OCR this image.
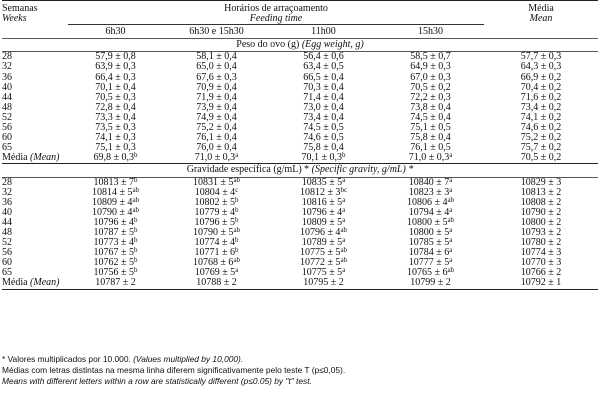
Semanas	Horários de arraçoamento				Média
Weeks	Feeding time				Mean
	6h30	6h30 e 15h30	11h00	15h30	
Peso do ovo (g) (Egg weight, g)					
28	57,9 ± 0,8	58,1 ± 0,4	56,4 ± 0,6	58,5 ± 0,7	57,7 ± 0,3
32	63,9 ± 0,3	65,0 ± 0,4	63,4 ± 0,5	64,9 ± 0,3	64,3 ± 0,3
36	66,4 ± 0,3	67,6 ± 0,3	66,5 ± 0,4	67,0 ± 0,3	66,9 ± 0,2
40	70,1 ± 0,4	70,9 ± 0,4	70,3 ± 0,4	70,5 ± 0,2	70,4 ± 0,2
44	70,5 ± 0,3	71,9 ± 0,4	71,4 ± 0,4	72,2 ± 0,3	71,6 ± 0,2
48	72,8 ± 0,4	73,9 ± 0,4	73,0 ± 0,4	73,8 ± 0,4	73,4 ± 0,2
52	73,3 ± 0,4	74,9 ± 0,4	73,4 ± 0,4	74,5 ± 0,4	74,1 ± 0,2
56	73,5 ± 0,3	75,2 ± 0,4	74,5 ± 0,5	75,1 ± 0,5	74,6 ± 0,2
60	74,1 ± 0,3	76,1 ± 0,4	74,6 ± 0,5	75,8 ± 0,4	75,2 ± 0,2
65	75,1 ± 0,3	76,0 ± 0,4	75,8 ± 0,4	76,1 ± 0,5	75,7 ± 0,2
Média (Mean)	69,8 ± 0,3$^b$	71,0 ± 0,3$^a$	70,1 ± 0,3$^b$	71,0 ± 0,3$^a$	70,5 ± 0,2
Gravidade específica (g/mL) * (Specific gravity, g/mL) *					
28	$10813 \pm 7^b$	$10831 \pm 5^{ab}$	$10835 \pm 5^a$	$10840 \pm 7^a$	10829 ± 3
32	$10814 \pm 5^{ab}$	$10804 \pm 4^c$	$10812 \pm 3^{bc}$	$10823 \pm 3^a$	10813 ± 2
36	$10809 \pm 4^{ab}$	$10802 \pm 5^b$	$10816 \pm 5^a$	$10806 \pm 4^{ab}$	10808 ± 2
40	$10790 \pm 4^{ab}$	$10779 \pm 4^b$	$10796 \pm 4^a$	$10794 \pm 4^a$	10790 ± 2
44	$10796 \pm 4^b$	$10796 \pm 5^b$	$10809 \pm 5^a$	$10800 \pm 5^{ab}$	10800 ± 2
48	$10787 \pm 5^b$	$10790 \pm 5^{ab}$	$10796 \pm 4^{ab}$	$10800 \pm 5^a$	10793 ± 2
52	$10773 \pm 4^b$	$10774 \pm 4^b$	$10789 \pm 5^a$	$10785 \pm 5^a$	10780 ± 2
56	$10767 \pm 5^b$	$10771 \pm 6^b$	$10775 \pm 5^{ab}$	$10784 \pm 6^a$	10774 ± 3
60	$10762 \pm 5^b$	$10768 \pm 6^{ab}$	$10772 \pm 5^{ab}$	$10777 \pm 5^a$	10770 ± 3
65	$10756 \pm 5^b$	$10769 \pm 5^a$	$10775 \pm 5^a$	$10765 \pm 6^{ab}$	10766 ± 2
Média (Mean)	10787 ± 2	10788 ± 2	10795 ± 2	10799 ± 2	10792 ± 1
* Valores multiplicados por 10.000. (Values multiplied by 10,000).
Médias com letras distintas na mesma linha diferem significativamente pelo teste T (p≤0,05).
Means with different letters within a row are statistically different (p≤0.05) by "t" test.
